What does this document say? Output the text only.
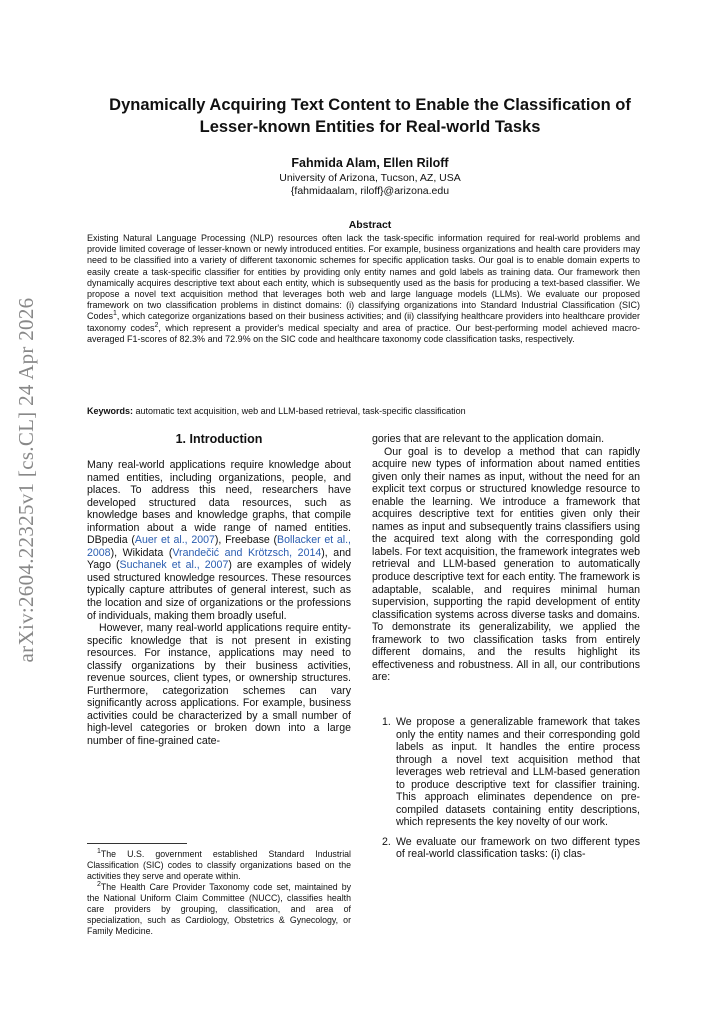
arXiv:2604.22325v1 [cs.CL] 24 Apr 2026
Dynamically Acquiring Text Content to Enable the Classification of
Lesser-known Entities for Real-world Tasks
Fahmida Alam, Ellen Riloff
University of Arizona, Tucson, AZ, USA
{fahmidaalam, riloff}@arizona.edu
Abstract
Existing Natural Language Processing (NLP) resources often lack the task-specific information required for real-world problems and provide limited coverage of lesser-known or newly introduced entities. For example, business organizations and health care providers may need to be classified into a variety of different taxonomic schemes for specific application tasks. Our goal is to enable domain experts to easily create a task-specific classifier for entities by providing only entity names and gold labels as training data. Our framework then dynamically acquires descriptive text about each entity, which is subsequently used as the basis for producing a text-based classifier. We propose a novel text acquisition method that leverages both web and large language models (LLMs). We evaluate our proposed framework on two classification problems in distinct domains: (i) classifying organizations into Standard Industrial Classification (SIC) Codes$^1$, which categorize organizations based on their business activities; and (ii) classifying healthcare providers into healthcare provider taxonomy codes$^2$, which represent a provider's medical specialty and area of practice. Our best-performing model achieved macro-averaged F1-scores of 82.3% and 72.9% on the SIC code and healthcare taxonomy code classification tasks, respectively.
Keywords: automatic text acquisition, web and LLM-based retrieval, task-specific classification
1. Introduction

Many real-world applications require knowledge about named entities, including organizations, people, and places. To address this need, researchers have developed structured data resources, such as knowledge bases and knowledge graphs, that compile information about a wide range of named entities. DBpedia (Auer et al., 2007), Freebase (Bollacker et al., 2008), Wikidata (Vrandečić and Krötzsch, 2014), and Yago (Suchanek et al., 2007) are examples of widely used structured knowledge resources. These resources typically capture attributes of general interest, such as the location and size of organizations or the professions of individuals, making them broadly useful.

However, many real-world applications require entity-specific knowledge that is not present in existing resources. For instance, applications may need to classify organizations by their business activities, revenue sources, client types, or ownership structures. Furthermore, categorization schemes can vary significantly across applications. For example, business activities could be characterized by a small number of high-level categories or broken down into a large number of fine-grained cate-

$^1$The U.S. government established Standard Industrial Classification (SIC) codes to classify organizations based on the activities they serve and operate within.

$^2$The Health Care Provider Taxonomy code set, maintained by the National Uniform Claim Committee (NUCC), classifies health care providers by grouping, classification, and area of specialization, such as Cardiology, Obstetrics & Gynecology, or Family Medicine.

gories that are relevant to the application domain.

Our goal is to develop a method that can rapidly acquire new types of information about named entities given only their names as input, without the need for an explicit text corpus or structured knowledge resource to enable the learning. We introduce a framework that acquires descriptive text for entities given only their names as input and subsequently trains classifiers using the acquired text along with the corresponding gold labels. For text acquisition, the framework integrates web retrieval and LLM-based generation to automatically produce descriptive text for each entity. The framework is adaptable, scalable, and requires minimal human supervision, supporting the rapid development of entity classification systems across diverse tasks and domains. To demonstrate its generalizability, we applied the framework to two classification tasks from entirely different domains, and the results highlight its effectiveness and robustness. All in all, our contributions are:

1. We propose a generalizable framework that takes only the entity names and their corresponding gold labels as input. It handles the entire process through a novel text acquisition method that leverages web retrieval and LLM-based generation to produce descriptive text for classifier training. This approach eliminates dependence on pre-compiled datasets containing entity descriptions, which represents the key novelty of our work.
2. We evaluate our framework on two different types of real-world classification tasks: (i) clas-
